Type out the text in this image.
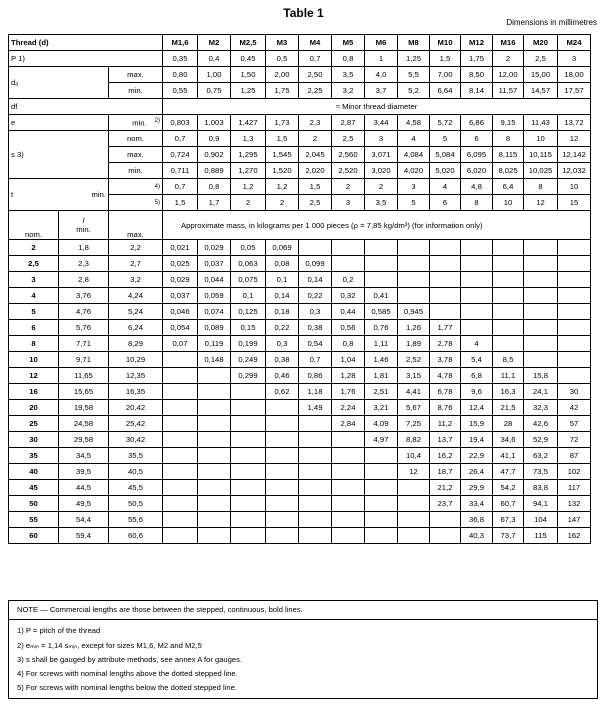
Table 1
Dimensions in millimetres
Thread (d)			M1,6	M2	M2,5	M3	M4	M5	M6	M8	M10	M12	M16	M20	M24
P 1)			0,35	0,4	0,45	0,5	0,7	0,8	1	1,25	1,5	1,75	2	2,5	3
dₐ		max.	0,80	1,00	1,50	2,00	2,50	3,5	4,0	5,5	7,00	8,50	12,00	15,00	18,00
		min.	0,55	0,75	1,25	1,75	2,25	3,2	3,7	5,2	6,64	8,14	11,57	14,57	17,57
df			≈ Minor thread diameter												
e		min. $^{2)}$	0,803	1,003	1,427	1,73	2,3	2,87	3,44	4,58	5,72	6,86	9,15	11,43	13,72
s 3)		nom.	0,7	0,9	1,3	1,5	2	2,5	3	4	5	6	8	10	12
		max.	0,724	0,902	1,295	1,545	2,045	2,560	3,071	4,084	5,084	6,095	8,115	10,115	12,142
		min.	0,711	0,889	1,270	1,520	2,020	2,520	3,020	4,020	5,020	6,020	8,025	10,025	12,032
t	min.	4)	0,7	0,8	1,2	1,2	1,5	2	2	3	4	4,8	6,4	8	10
		5)	1,5	1,7	2	2	2,5	3	3,5	5	6	8	10	12	15
nom.	l
min.	max.	Approximate mass, in kilograms per 1 000 pieces (ρ = 7,85 kg/dm³) (for information only)												
2	1,8	2,2	0,021	0,029	0,05	0,069									
2,5	2,3	2,7	0,025	0,037	0,063	0,08	0,099								
3	2,8	3,2	0,029	0,044	0,075	0,1	0,14	0,2							
4	3,76	4,24	0,037	0,059	0,1	0,14	0,22	0,32	0,41						
5	4,76	5,24	0,046	0,074	0,125	0,18	0,3	0,44	0,585	0,945					
6	5,76	6,24	0,054	0,089	0,15	0,22	0,38	0,56	0,76	1,26	1,77				
8	7,71	8,29	0,07	0,119	0,199	0,3	0,54	0,8	1,11	1,89	2,78	4			
10	9,71	10,29		0,148	0,249	0,38	0,7	1,04	1,46	2,52	3,78	5,4	8,5		
12	11,65	12,35			0,299	0,46	0,86	1,28	1,81	3,15	4,78	6,8	11,1	15,8	
16	15,65	16,35				0,62	1,18	1,76	2,51	4,41	6,78	9,6	16,3	24,1	30
20	19,58	20,42					1,49	2,24	3,21	5,67	8,76	12,4	21,5	32,3	42
25	24,58	25,42						2,84	4,09	7,25	11,2	15,9	28	42,6	57
30	29,58	30,42							4,97	8,82	13,7	19,4	34,6	52,9	72
35	34,5	35,5								10,4	16,2	22,9	41,1	63,2	87
40	39,5	40,5								12	18,7	26,4	47,7	73,5	102
45	44,5	45,5									21,2	29,9	54,2	83,8	117
50	49,5	50,5									23,7	33,4	60,7	94,1	132
55	54,4	55,6										36,8	67,3	104	147
60	59,4	60,6										40,3	73,7	115	162
NOTE — Commercial lengths are those between the stepped, continuous, bold lines.
1) P = pitch of the thread
2) eₘᵢₙ = 1,14 sₘᵢₙ, except for sizes M1,6, M2 and M2,5
3) s shall be gauged by attribute methods, see annex A for gauges.
4) For screws with nominal lengths above the dotted stepped line.
5) For screws with nominal lengths below the dotted stepped line.
